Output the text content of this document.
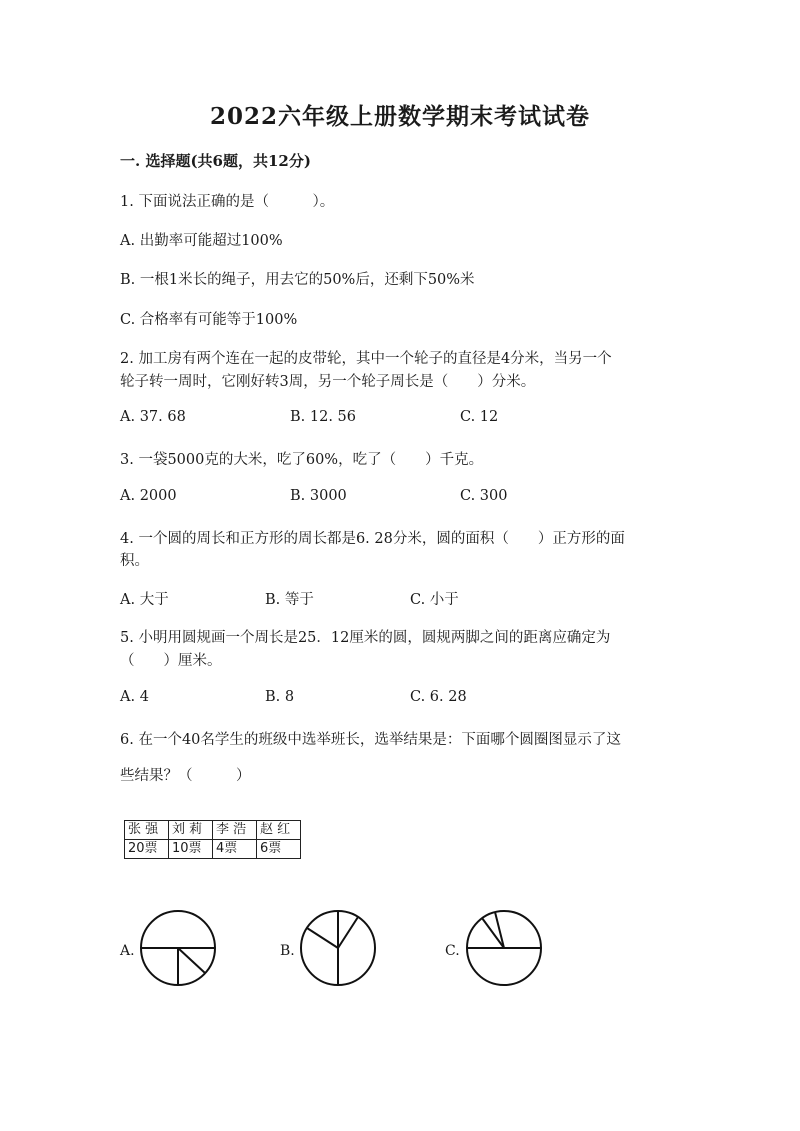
2022六年级上册数学期末考试试卷
一. 选择题(共6题，共12分)
1. 下面说法正确的是（　　　）。
A. 出勤率可能超过100%
B. 一根1米长的绳子，用去它的50%后，还剩下50%米
C. 合格率有可能等于100%
2. 加工房有两个连在一起的皮带轮，其中一个轮子的直径是4分米，当另一个
轮子转一周时，它刚好转3周，另一个轮子周长是（　　）分米。
A. 37. 68	B. 12. 56	C. 12
3. 一袋5000克的大米，吃了60%，吃了（　　）千克。
A. 2000	B. 3000	C. 300
4. 一个圆的周长和正方形的周长都是6. 28分米，圆的面积（　　）正方形的面
积。
A. 大于	B. 等于	C. 小于
5. 小明用圆规画一个周长是25．12厘米的圆，圆规两脚之间的距离应确定为
（　　）厘米。
A. 4	B. 8	C. 6. 28
6. 在一个40名学生的班级中选举班长，选举结果是：下面哪个圆圈图显示了这
些结果？（　　　）
张 强	刘 莉	李 浩	赵 红
20票	10票	4票	6票
A.	B.	C.
